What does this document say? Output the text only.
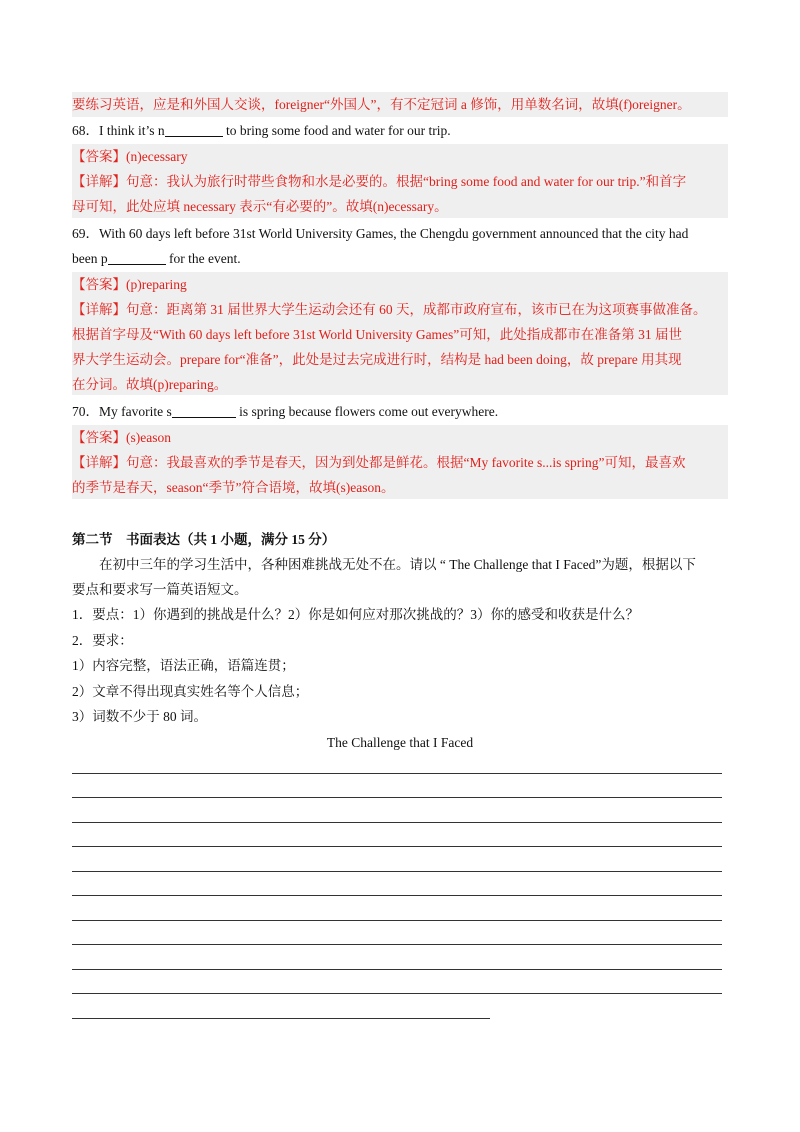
要练习英语，应是和外国人交谈，foreigner“外国人”，有不定冠词 a 修饰，用单数名词，故填(f)oreigner。
68．I think it’s n	to bring some food and water for our trip.
【答案】(n)ecessary
【详解】句意：我认为旅行时带些食物和水是必要的。根据“bring some food and water for our trip.”和首字
母可知，此处应填 necessary 表示“有必要的”。故填(n)ecessary。
69．With 60 days left before 31st World University Games, the Chengdu government announced that the city had
been p	for the event.
【答案】(p)reparing
【详解】句意：距离第 31 届世界大学生运动会还有 60 天，成都市政府宣布，该市已在为这项赛事做准备。
根据首字母及“With 60 days left before 31st World University Games”可知，此处指成都市在准备第 31 届世
界大学生运动会。prepare for“准备”，此处是过去完成进行时，结构是 had been doing，故 prepare 用其现
在分词。故填(p)reparing。
70．My favorite s	is spring because flowers come out everywhere.
【答案】(s)eason
【详解】句意：我最喜欢的季节是春天，因为到处都是鲜花。根据“My favorite s...is spring”可知，最喜欢
的季节是春天，season“季节”符合语境，故填(s)eason。
第二节　书面表达（共 1 小题，满分 15 分）
在初中三年的学习生活中，各种困难挑战无处不在。请以 “ The Challenge that I Faced”为题，根据以下
要点和要求写一篇英语短文。
1．要点：1）你遇到的挑战是什么？2）你是如何应对那次挑战的？3）你的感受和收获是什么？
2．要求：
1）内容完整，语法正确，语篇连贯；
2）文章不得出现真实姓名等个人信息；
3）词数不少于 80 词。
The Challenge that I Faced
